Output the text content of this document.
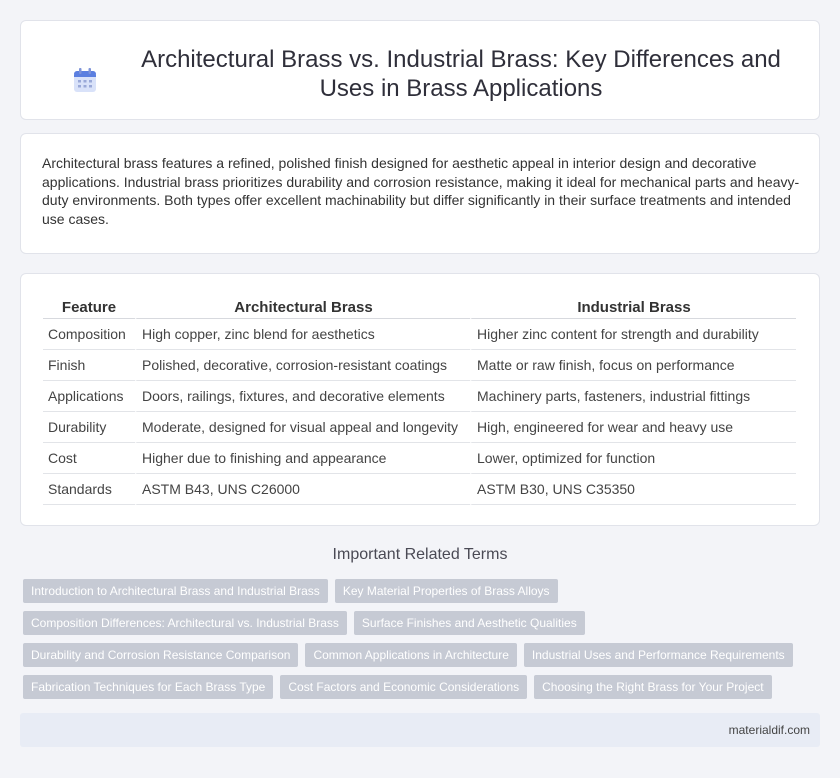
Architectural Brass vs. Industrial Brass: Key Differences and Uses in Brass Applications

Architectural brass features a refined, polished finish designed for aesthetic appeal in interior design and decorative applications. Industrial brass prioritizes durability and corrosion resistance, making it ideal for mechanical parts and heavy-duty environments. Both types offer excellent machinability but differ significantly in their surface treatments and intended use cases.

Feature	Architectural Brass	Industrial Brass
Composition	High copper, zinc blend for aesthetics	Higher zinc content for strength and durability
Finish	Polished, decorative, corrosion-resistant coatings	Matte or raw finish, focus on performance
Applications	Doors, railings, fixtures, and decorative elements	Machinery parts, fasteners, industrial fittings
Durability	Moderate, designed for visual appeal and longevity	High, engineered for wear and heavy use
Cost	Higher due to finishing and appearance	Lower, optimized for function
Standards	ASTM B43, UNS C26000	ASTM B30, UNS C35350
Important Related Terms
Introduction to Architectural Brass and Industrial Brass	Key Material Properties of Brass Alloys
Composition Differences: Architectural vs. Industrial Brass	Surface Finishes and Aesthetic Qualities
Durability and Corrosion Resistance Comparison	Common Applications in Architecture	Industrial Uses and Performance Requirements
Fabrication Techniques for Each Brass Type	Cost Factors and Economic Considerations	Choosing the Right Brass for Your Project
materialdif.com
